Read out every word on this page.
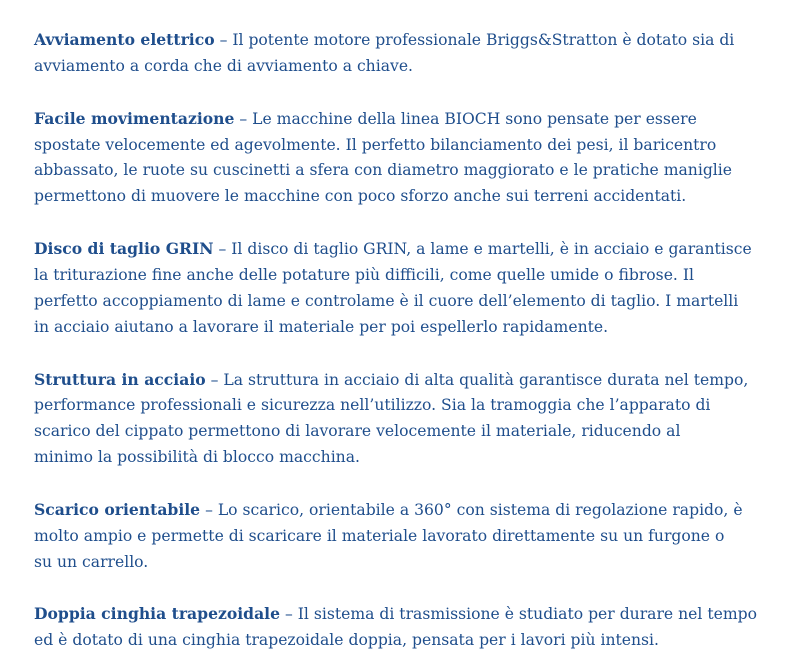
Avviamento elettrico – Il potente motore professionale Briggs&Stratton è dotato sia di
avviamento a corda che di avviamento a chiave.

Facile movimentazione – Le macchine della linea BIOCH sono pensate per essere
spostate velocemente ed agevolmente. Il perfetto bilanciamento dei pesi, il baricentro
abbassato, le ruote su cuscinetti a sfera con diametro maggiorato e le pratiche maniglie
permettono di muovere le macchine con poco sforzo anche sui terreni accidentati.

Disco di taglio GRIN – Il disco di taglio GRIN, a lame e martelli, è in acciaio e garantisce
la triturazione fine anche delle potature più difficili, come quelle umide o fibrose. Il
perfetto accoppiamento di lame e controlame è il cuore dell’elemento di taglio. I martelli
in acciaio aiutano a lavorare il materiale per poi espellerlo rapidamente.

Struttura in acciaio – La struttura in acciaio di alta qualità garantisce durata nel tempo,
performance professionali e sicurezza nell’utilizzo. Sia la tramoggia che l’apparato di
scarico del cippato permettono di lavorare velocemente il materiale, riducendo al
minimo la possibilità di blocco macchina.

Scarico orientabile – Lo scarico, orientabile a 360° con sistema di regolazione rapido, è
molto ampio e permette di scaricare il materiale lavorato direttamente su un furgone o
su un carrello.

Doppia cinghia trapezoidale – Il sistema di trasmissione è studiato per durare nel tempo
ed è dotato di una cinghia trapezoidale doppia, pensata per i lavori più intensi.
